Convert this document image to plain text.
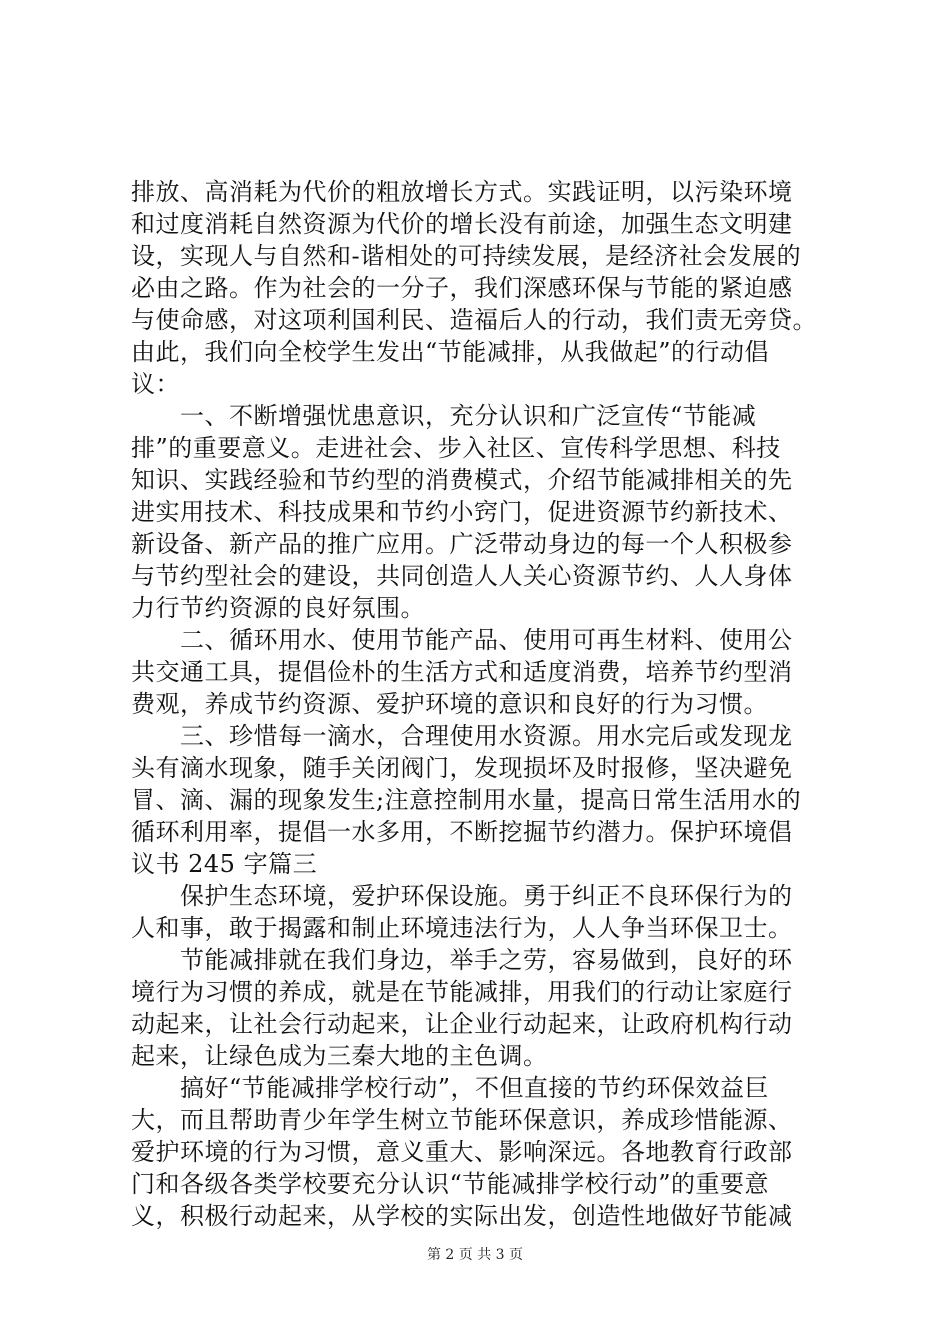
排放、高消耗为代价的粗放增长方式。实践证明，以污染环境
和过度消耗自然资源为代价的增长没有前途，加强生态文明建
设，实现人与自然和-谐相处的可持续发展，是经济社会发展的
必由之路。作为社会的一分子，我们深感环保与节能的紧迫感
与使命感，对这项利国利民、造福后人的行动，我们责无旁贷。
由此，我们向全校学生发出“节能减排，从我做起”的行动倡
议：
　　一、不断增强忧患意识，充分认识和广泛宣传“节能减
排”的重要意义。走进社会、步入社区、宣传科学思想、科技
知识、实践经验和节约型的消费模式，介绍节能减排相关的先
进实用技术、科技成果和节约小窍门，促进资源节约新技术、
新设备、新产品的推广应用。广泛带动身边的每一个人积极参
与节约型社会的建设，共同创造人人关心资源节约、人人身体
力行节约资源的良好氛围。
　　二、循环用水、使用节能产品、使用可再生材料、使用公
共交通工具，提倡俭朴的生活方式和适度消费，培养节约型消
费观，养成节约资源、爱护环境的意识和良好的行为习惯。
　　三、珍惜每一滴水，合理使用水资源。用水完后或发现龙
头有滴水现象，随手关闭阀门，发现损坏及时报修，坚决避免
冒、滴、漏的现象发生;注意控制用水量，提高日常生活用水的
循环利用率，提倡一水多用，不断挖掘节约潜力。保护环境倡
议书 245 字篇三
　　保护生态环境，爱护环保设施。勇于纠正不良环保行为的
人和事，敢于揭露和制止环境违法行为，人人争当环保卫士。
　　节能减排就在我们身边，举手之劳，容易做到，良好的环
境行为习惯的养成，就是在节能减排，用我们的行动让家庭行
动起来，让社会行动起来，让企业行动起来，让政府机构行动
起来，让绿色成为三秦大地的主色调。
　　搞好“节能减排学校行动”，不但直接的节约环保效益巨
大，而且帮助青少年学生树立节能环保意识，养成珍惜能源、
爱护环境的行为习惯，意义重大、影响深远。各地教育行政部
门和各级各类学校要充分认识“节能减排学校行动”的重要意
义，积极行动起来，从学校的实际出发，创造性地做好节能减
第 2 页 共 3 页
